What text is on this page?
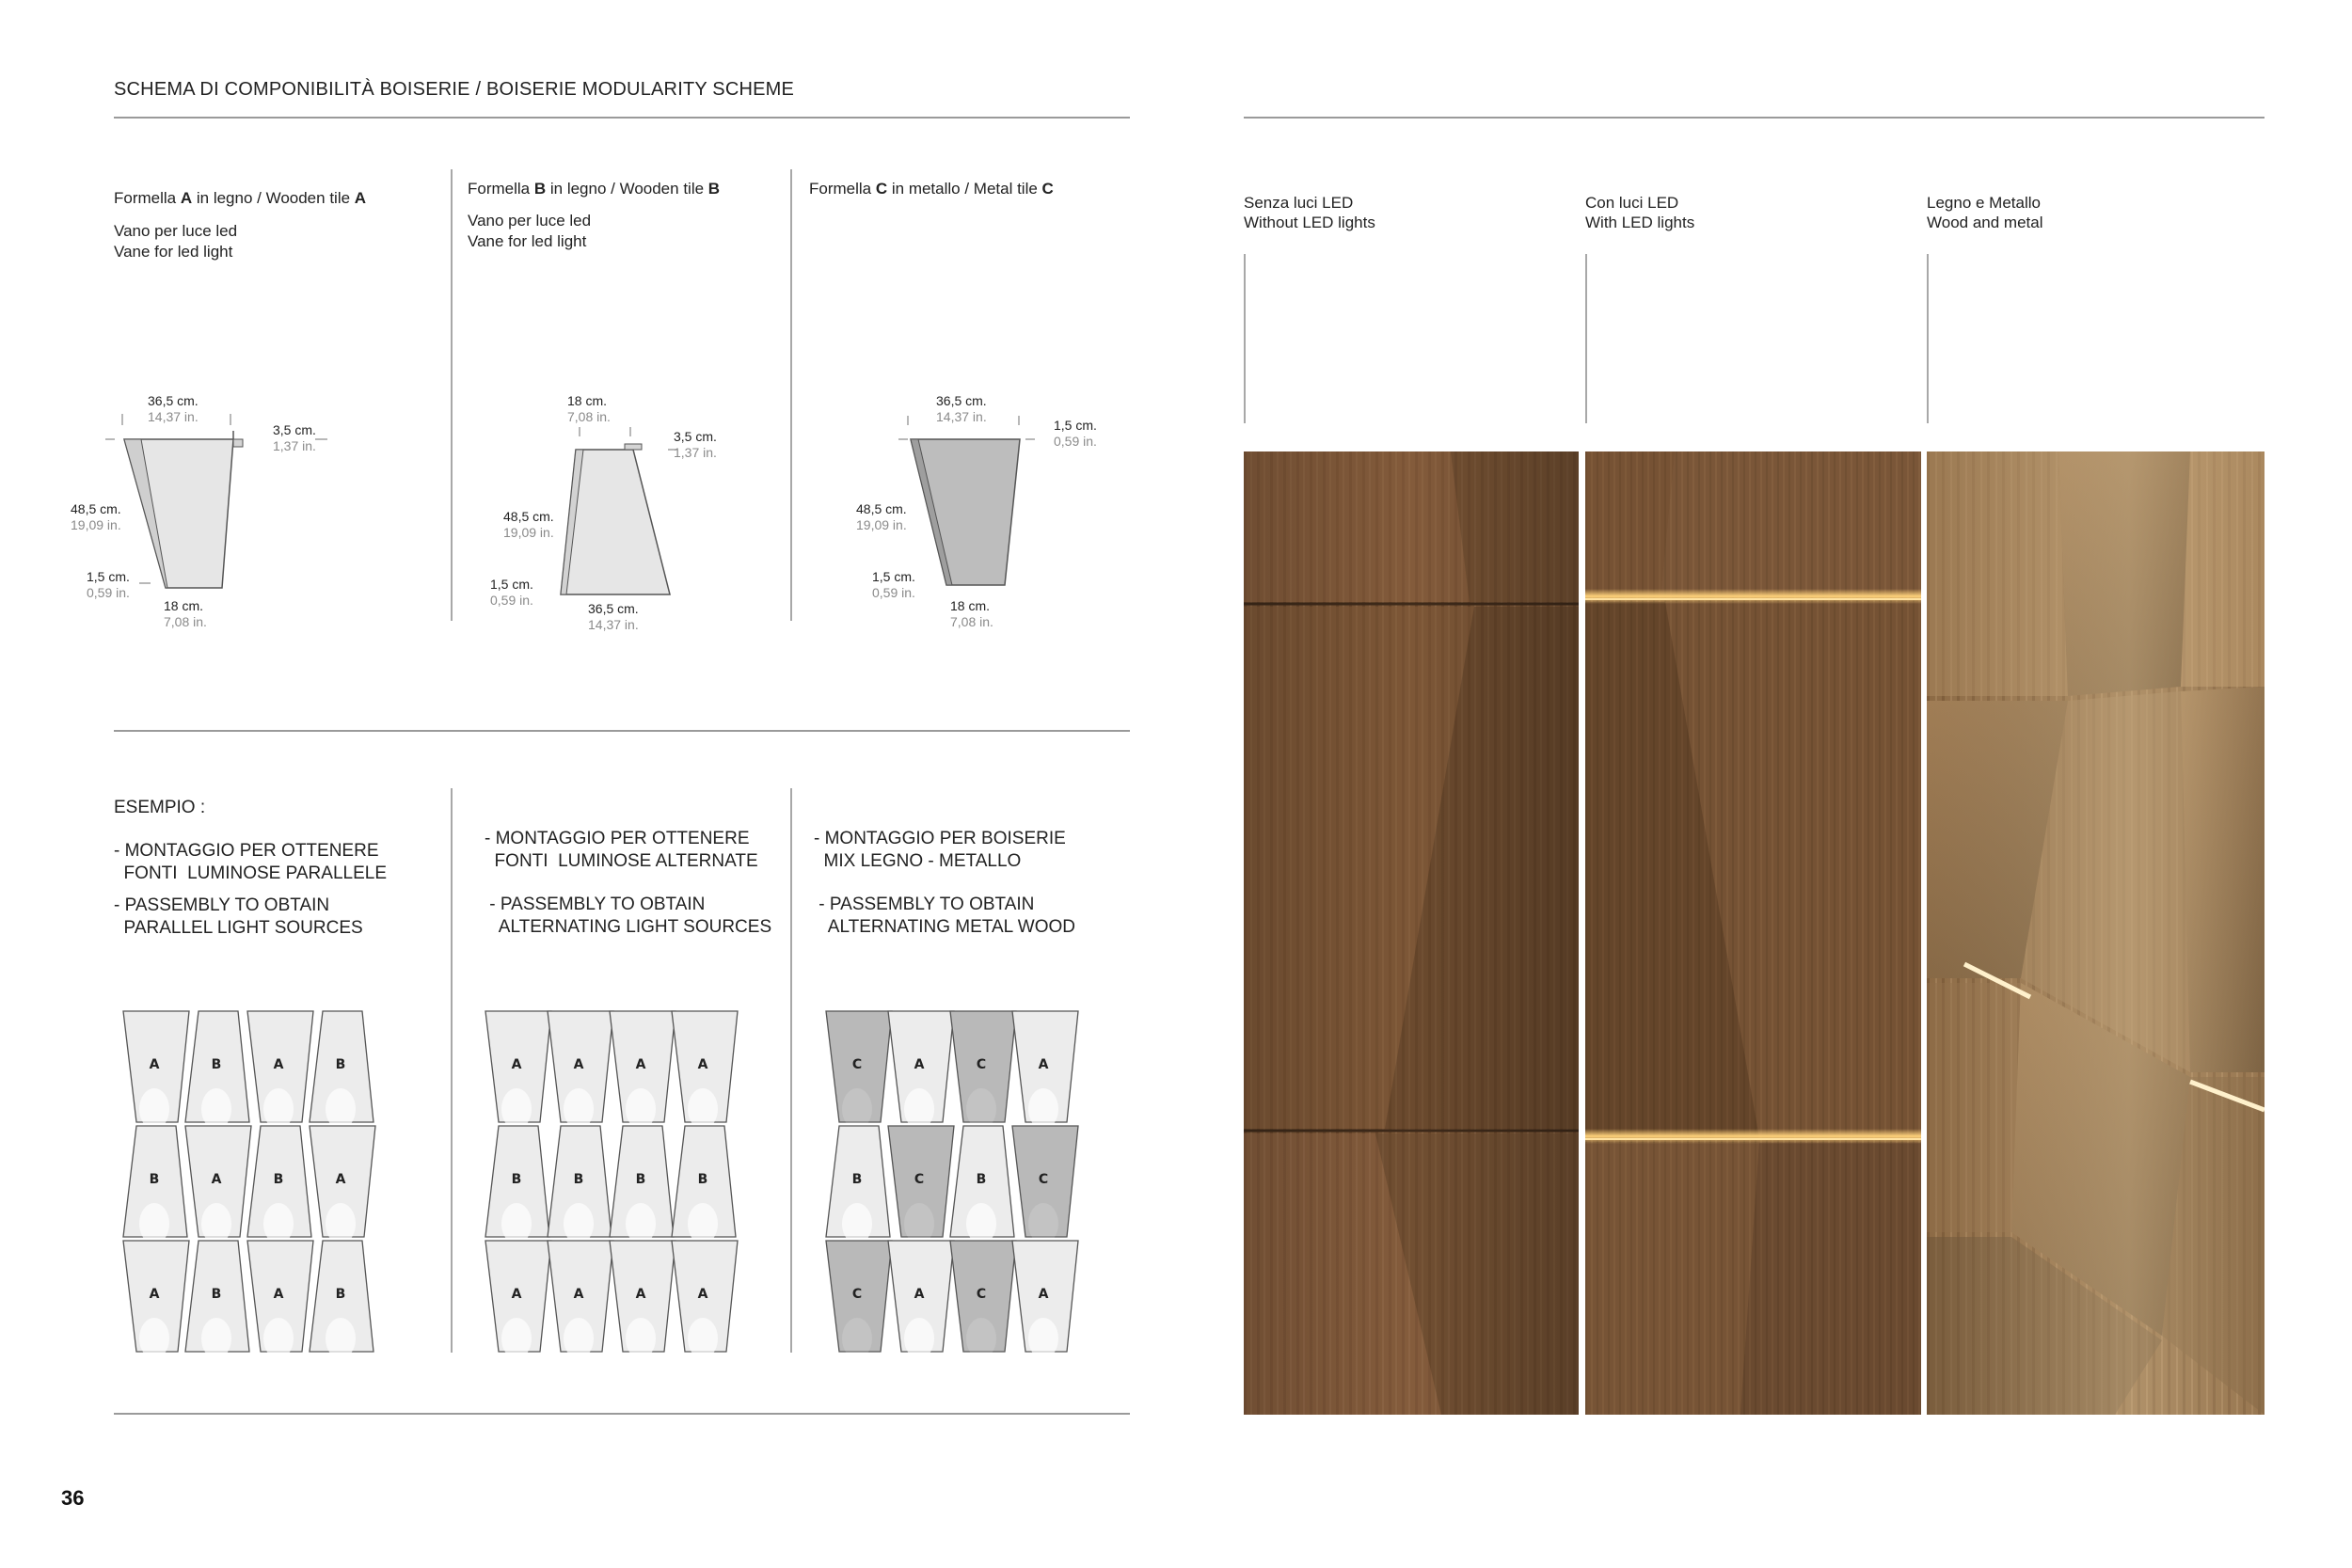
SCHEMA DI COMPONIBILITÀ BOISERIE / BOISERIE MODULARITY SCHEME
Formella A in legno / Wooden tile A
Vano per luce led
Vane for led light
Formella B in legno / Wooden tile B
Vano per luce led
Vane for led light
Formella C in metallo / Metal tile C
36,5 cm.
14,37 in.
3,5 cm.
1,37 in.
48,5 cm.
19,09 in.
1,5 cm.
0,59 in.
18 cm.
7,08 in.
18 cm.
7,08 in.
3,5 cm.
1,37 in.
48,5 cm.
19,09 in.
1,5 cm.
0,59 in.
36,5 cm.
14,37 in.
36,5 cm.
14,37 in.
1,5 cm.
0,59 in.
48,5 cm.
19,09 in.
1,5 cm.
0,59 in.
18 cm.
7,08 in.
ESEMPIO :
- MONTAGGIO PER OTTENERE
FONTI  LUMINOSE PARALLELE
- PASSEMBLY TO OBTAIN
PARALLEL LIGHT SOURCES
- MONTAGGIO PER OTTENERE
FONTI  LUMINOSE ALTERNATE
- PASSEMBLY TO OBTAIN
ALTERNATING LIGHT SOURCES
- MONTAGGIO PER BOISERIE
MIX LEGNO - METALLO
- PASSEMBLY TO OBTAIN
ALTERNATING METAL WOOD
A	B	A	B
B	A	B	A
A	B	A	B
A	A	A	A
B	B	B	B
A	A	A	A
C	A	C	A
B	C	B	C
C	A	C	A
Senza luci LED
Without LED lights
Con luci LED
With LED lights
Legno e Metallo
Wood and metal
36
